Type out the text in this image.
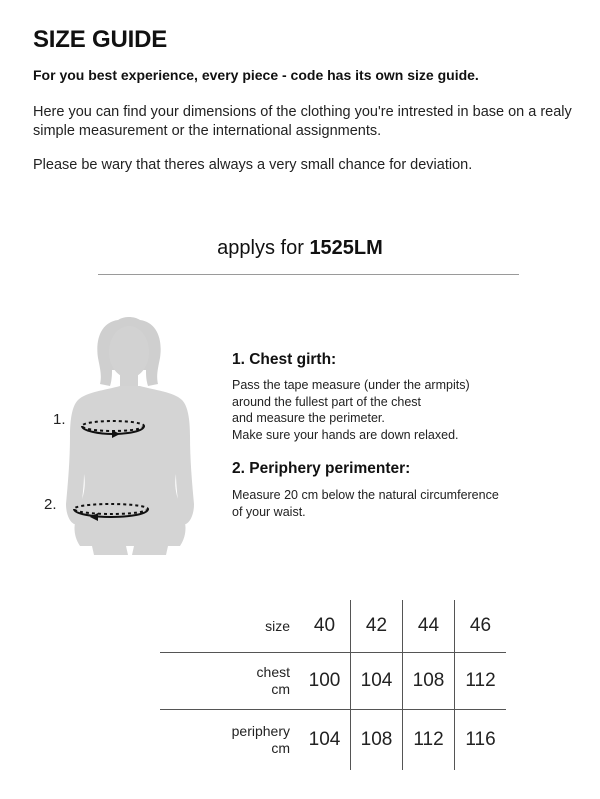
SIZE GUIDE
For you best experience, every piece - code has its own size guide.
Here you can find your dimensions of the clothing you're intrested in base on a realy simple measurement or the international assignments.
Please be wary that theres always a very small chance for deviation.
applys for 1525LM
1.
2.
1. Chest girth:
Pass the tape measure (under the armpits)
around the fullest part of the chest
and measure the perimeter.
Make sure your hands are down relaxed.
2. Periphery perimenter:
Measure 20 cm below the natural circumference
of your waist.
size	40	42	44	46

chest
cm	100	104	108	112

periphery
cm	104	108	112	116
